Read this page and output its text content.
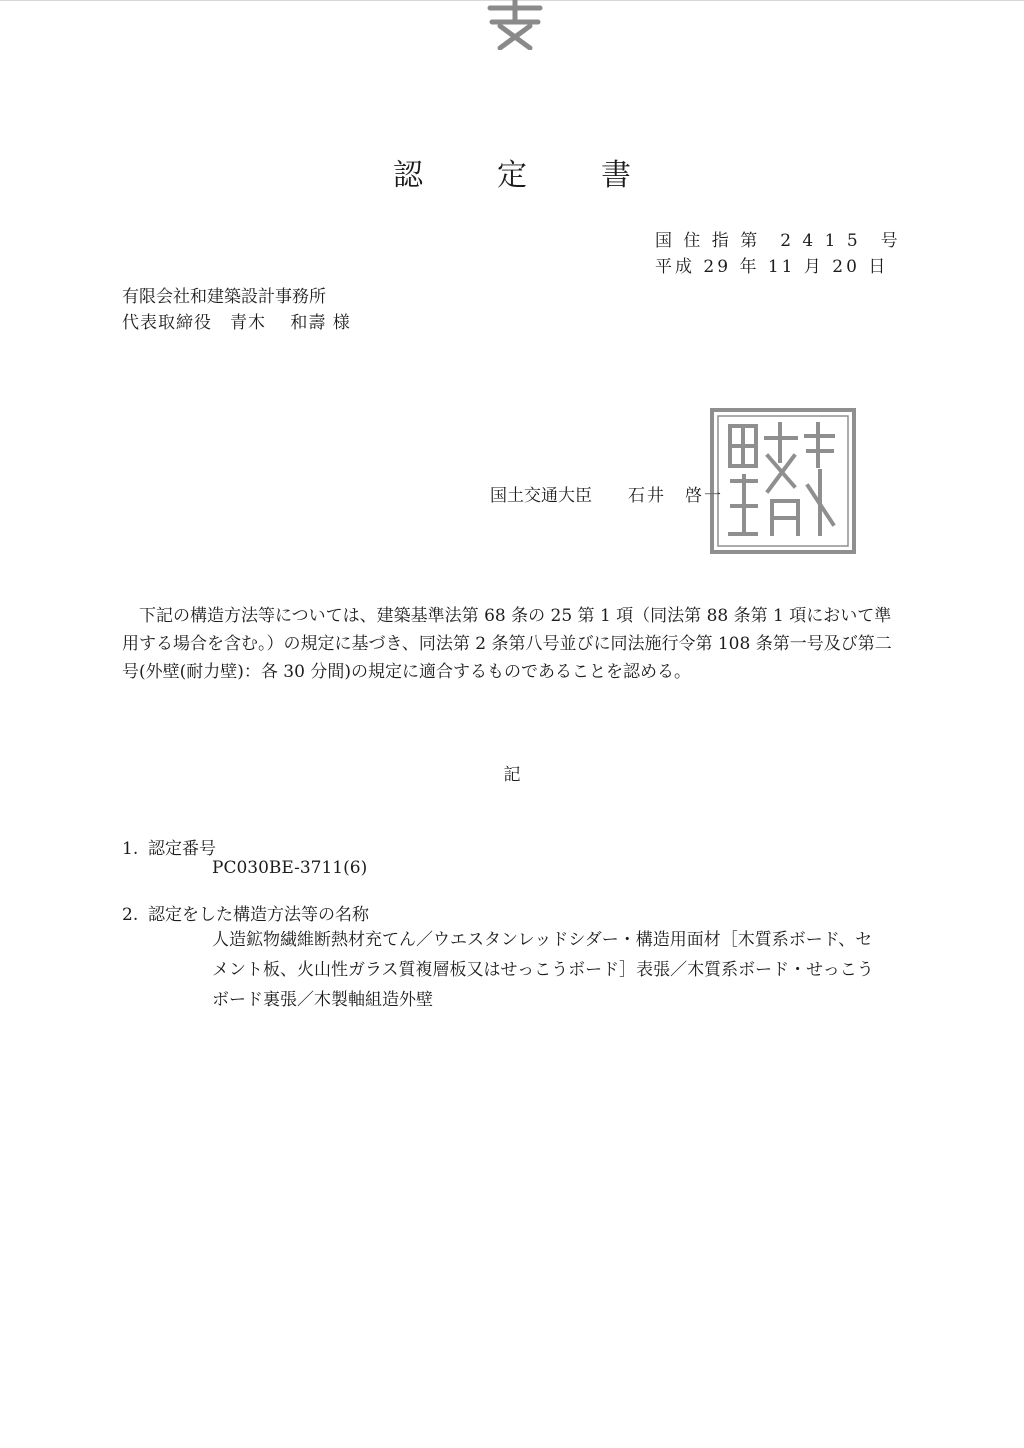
認　定　書
国 住 指 第　2 4 1 5　号
平成 29 年 11 月 20 日
有限会社和建築設計事務所
代表取締役　青木　 和壽 様
国土交通大臣 石井　啓一

下記の構造方法等については、建築基準法第 68 条の 25 第 1 項（同法第 88 条第 1 項において準用する場合を含む。）の規定に基づき、同法第 2 条第八号並びに同法施行令第 108 条第一号及び第二号(外壁(耐力壁)：各 30 分間)の規定に適合するものであることを認める。

記
1. 認定番号
PC030BE-3711(6)
2. 認定をした構造方法等の名称

人造鉱物繊維断熱材充てん／ウエスタンレッドシダー・構造用面材［木質系ボード、セメント板、火山性ガラス質複層板又はせっこうボード］表張／木質系ボード・せっこうボード裏張／木製軸組造外壁
